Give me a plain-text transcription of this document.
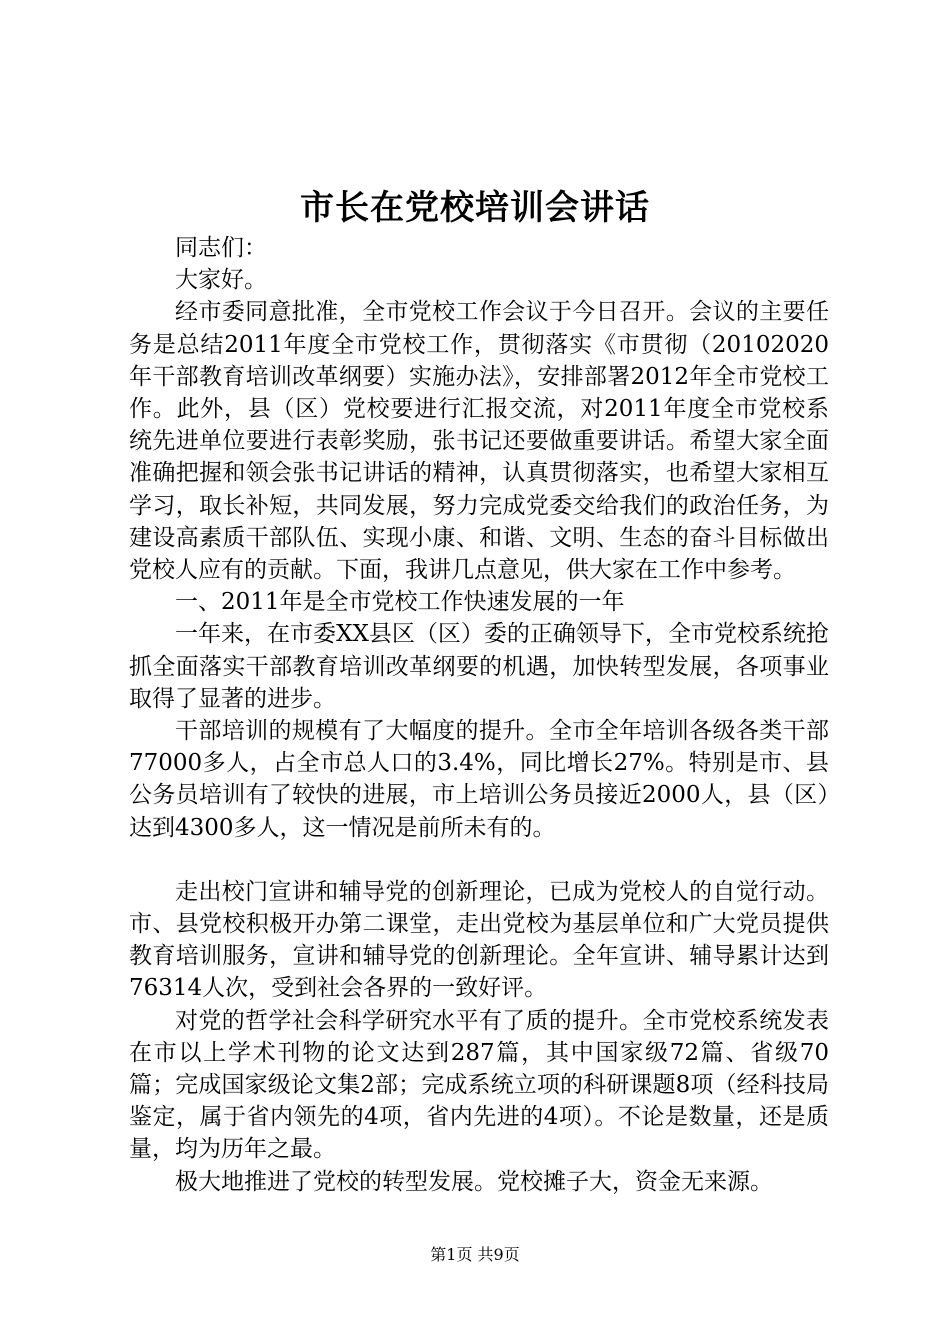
市长在党校培训会讲话

同志们：

大家好。

经市委同意批准，全市党校工作会议于今日召开。会议的主要任务是总结2011年度全市党校工作，贯彻落实《市贯彻（20102020年干部教育培训改革纲要）实施办法》，安排部署2012年全市党校工作。此外，县（区）党校要进行汇报交流，对2011年度全市党校系统先进单位要进行表彰奖励，张书记还要做重要讲话。希望大家全面准确把握和领会张书记讲话的精神，认真贯彻落实，也希望大家相互学习，取长补短，共同发展，努力完成党委交给我们的政治任务，为建设高素质干部队伍、实现小康、和谐、文明、生态的奋斗目标做出党校人应有的贡献。下面，我讲几点意见，供大家在工作中参考。

一、2011年是全市党校工作快速发展的一年

一年来，在市委XX县区（区）委的正确领导下，全市党校系统抢抓全面落实干部教育培训改革纲要的机遇，加快转型发展，各项事业取得了显著的进步。

干部培训的规模有了大幅度的提升。全市全年培训各级各类干部77000多人，占全市总人口的3.4%，同比增长27%。特别是市、县公务员培训有了较快的进展，市上培训公务员接近2000人，县（区）达到4300多人，这一情况是前所未有的。

走出校门宣讲和辅导党的创新理论，已成为党校人的自觉行动。市、县党校积极开办第二课堂，走出党校为基层单位和广大党员提供教育培训服务，宣讲和辅导党的创新理论。全年宣讲、辅导累计达到76314人次，受到社会各界的一致好评。

对党的哲学社会科学研究水平有了质的提升。全市党校系统发表在市以上学术刊物的论文达到287篇，其中国家级72篇、省级70篇；完成国家级论文集2部；完成系统立项的科研课题8项（经科技局鉴定，属于省内领先的4项，省内先进的4项）。不论是数量，还是质量，均为历年之最。

极大地推进了党校的转型发展。党校摊子大，资金无来源。

第1页 共9页
